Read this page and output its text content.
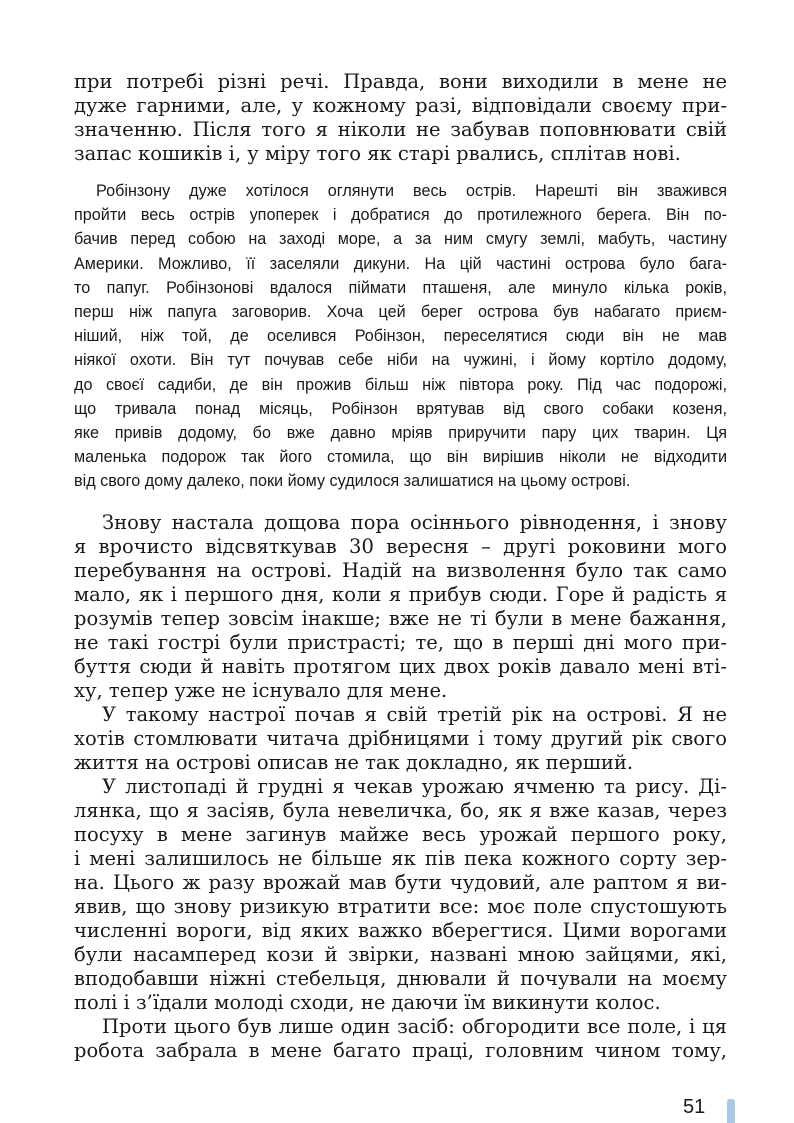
при потребі різні речі. Правда, вони виходили в мене не
дуже гарними, але, у кожному разі, відповідали своєму при-
значенню. Після того я ніколи не забував поповнювати свій
запас кошиків і, у міру того як старі рвались, сплітав нові.
Робінзону дуже хотілося оглянути весь острів. Нарешті він зважився
пройти весь острів упоперек і добратися до протилежного берега. Він по-
бачив перед собою на заході море, а за ним смугу землі, мабуть, частину
Америки. Можливо, її заселяли дикуни. На цій частині острова було бага-
то папуг. Робінзонові вдалося піймати пташеня, але минуло кілька років,
перш ніж папуга заговорив. Хоча цей берег острова був набагато приєм-
ніший, ніж той, де оселився Робінзон, переселятися сюди він не мав
ніякої охоти. Він тут почував себе ніби на чужині, і йому кортіло додому,
до своєї садиби, де він прожив більш ніж півтора року. Під час подорожі,
що тривала понад місяць, Робінзон врятував від свого собаки козеня,
яке привів додому, бо вже давно мріяв приручити пару цих тварин. Ця
маленька подорож так його стомила, що він вирішив ніколи не відходити
від свого дому далеко, поки йому судилося залишатися на цьому острові.
Знову настала дощова пора осіннього рівнодення, і знову
я врочисто відсвяткував 30 вересня – другі роковини мого
перебування на острові. Надій на визволення було так само
мало, як і першого дня, коли я прибув сюди. Горе й радість я
розумів тепер зовсім інакше; вже не ті були в мене бажання,
не такі гострі були пристрасті; те, що в перші дні мого при-
буття сюди й навіть протягом цих двох років давало мені вті-
ху, тепер уже не існувало для мене.
У такому настрої почав я свій третій рік на острові. Я не
хотів стомлювати читача дрібницями і тому другий рік свого
життя на острові описав не так докладно, як перший.
У листопаді й грудні я чекав урожаю ячменю та рису. Ді-
лянка, що я засіяв, була невеличка, бо, як я вже казав, через
посуху в мене загинув майже весь урожай першого року,
і мені залишилось не більше як пів пека кожного сорту зер-
на. Цього ж разу врожай мав бути чудовий, але раптом я ви-
явив, що знову ризикую втратити все: моє поле спустошують
численні вороги, від яких важко вберегтися. Цими ворогами
були насамперед кози й звірки, названі мною зайцями, які,
вподобавши ніжні стебельця, днювали й почували на моєму
полі і з’їдали молоді сходи, не даючи їм викинути колос.
Проти цього був лише один засіб: обгородити все поле, і ця
робота забрала в мене багато праці, головним чином тому,
51
